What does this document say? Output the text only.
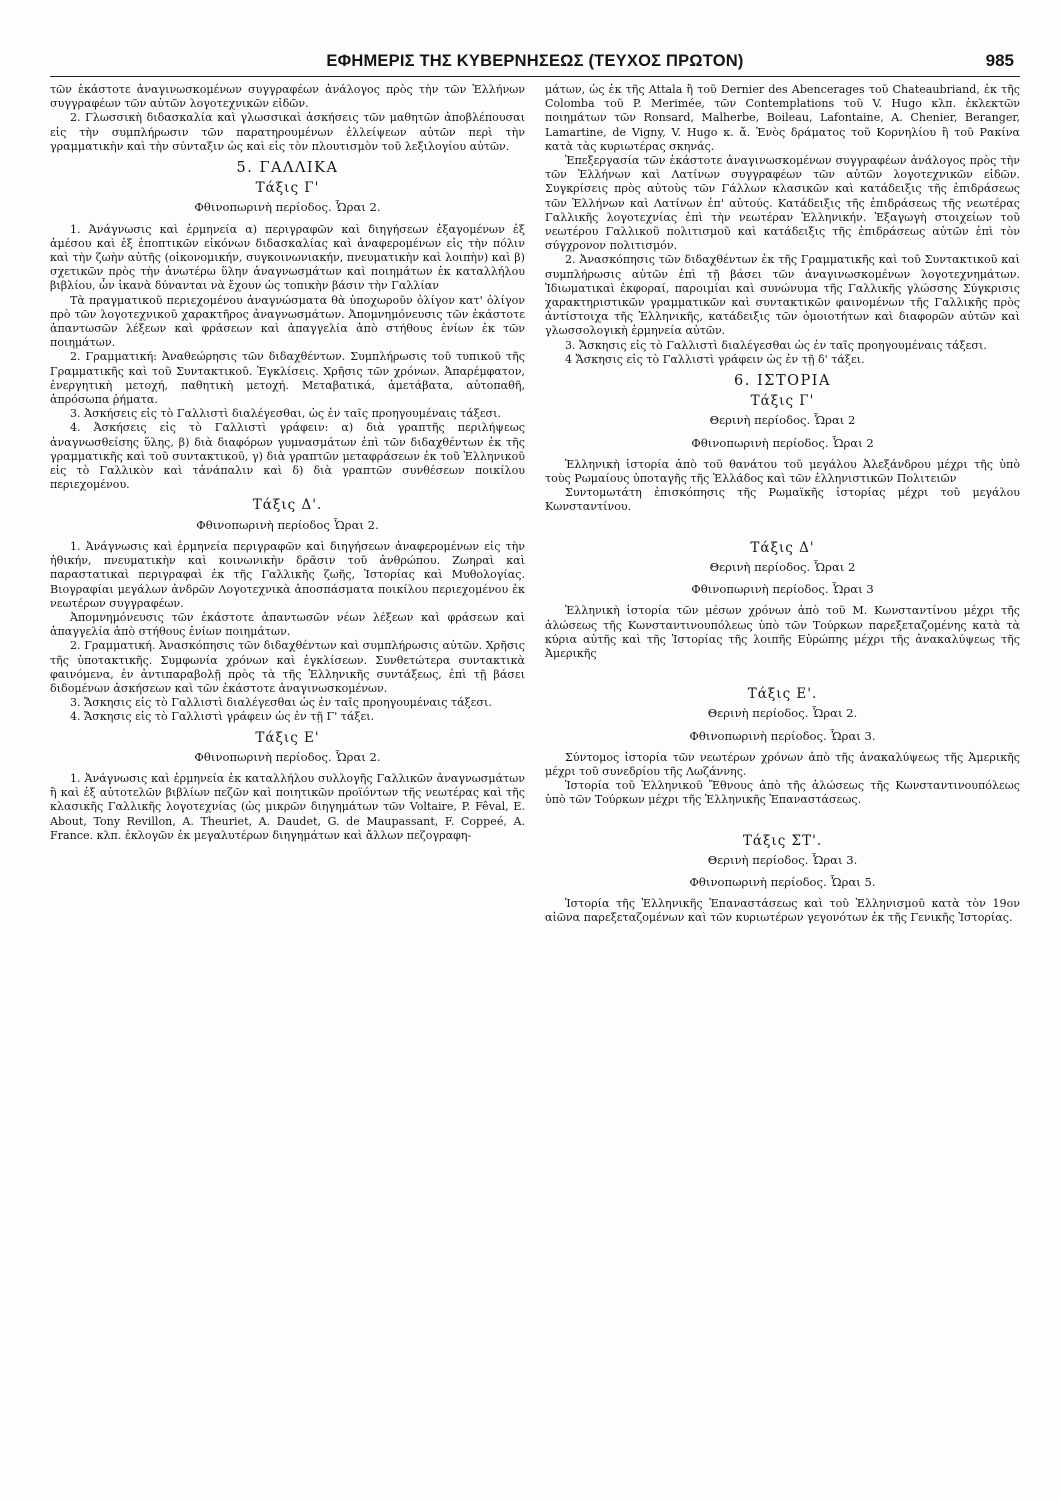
ΕΦΗΜΕΡΙΣ ΤΗΣ ΚΥΒΕΡΝΗΣΕΩΣ (ΤΕΥΧΟΣ ΠΡΩΤΟΝ)	985

τῶν ἑκάστοτε ἀναγινωσκομένων συγγραφέων ἀνάλογος πρὸς τὴν τῶν Ἑλλήνων συγγραφέων τῶν αὐτῶν λογοτεχνικῶν εἰδῶν.

2. Γλωσσικὴ διδασκαλία καὶ γλωσσικαὶ ἀσκήσεις τῶν μαθητῶν ἀποβλέπουσαι εἰς τὴν συμπλήρωσιν τῶν παρατηρουμένων ἐλλείψεων αὐτῶν περὶ τὴν γραμματικὴν καὶ τὴν σύνταξιν ὡς καὶ εἰς τὸν πλουτισμὸν τοῦ λεξιλογίου αὐτῶν.

5. ΓΑΛΛΙΚΑ
Τάξις Γ'
Φθινοπωρινὴ περίοδος. Ὧραι 2.

1. Ἀνάγνωσις καὶ ἑρμηνεία α) περιγραφῶν καὶ διηγήσεων ἐξαγομένων ἐξ ἀμέσου καὶ ἐξ ἐποπτικῶν εἰκόνων διδασκαλίας καὶ ἀναφερομένων εἰς τὴν πόλιν καὶ τὴν ζωὴν αὐτῆς (οἰκονομικήν, συγκοινωνιακήν, πνευματικὴν καὶ λοιπὴν) καὶ β) σχετικῶν πρὸς τὴν ἀνωτέρω ὕλην ἀναγνωσμάτων καὶ ποιημάτων ἐκ καταλλήλου βιβλίου, ὧν ἱκανὰ δύνανται νὰ ἔχουν ὡς τοπικὴν βάσιν τὴν Γαλλίαν

Τὰ πραγματικοῦ περιεχομένου ἀναγνώσματα θὰ ὑποχωροῦν ὀλίγον κατ' ὀλίγον πρὸ τῶν λογοτεχνικοῦ χαρακτῆρος ἀναγνωσμάτων. Ἀπομνημόνευσις τῶν ἑκάστοτε ἀπαντωσῶν λέξεων καὶ φράσεων καὶ ἀπαγγελία ἀπὸ στήθους ἐνίων ἐκ τῶν ποιημάτων.

2. Γραμματική: Ἀναθεώρησις τῶν διδαχθέντων. Συμπλήρωσις τοῦ τυπικοῦ τῆς Γραμματικῆς καὶ τοῦ Συντακτικοῦ. Ἐγκλίσεις. Χρῆσις τῶν χρόνων. Ἀπαρέμφατον, ἐνεργητικὴ μετοχή, παθητικὴ μετοχή. Μεταβατικά, ἀμετάβατα, αὐτοπαθῆ, ἀπρόσωπα ῥήματα.

3. Ἀσκήσεις εἰς τὸ Γαλλιστὶ διαλέγεσθαι, ὡς ἐν ταῖς προηγουμέναις τάξεσι.

4. Ἀσκήσεις εἰς τὸ Γαλλιστὶ γράφειν: α) διὰ γραπτῆς περιλήψεως ἀναγνωσθείσης ὕλης, β) διὰ διαφόρων γυμνασμάτων ἐπὶ τῶν διδαχθέντων ἐκ τῆς γραμματικῆς καὶ τοῦ συντακτικοῦ, γ) διὰ γραπτῶν μεταφράσεων ἐκ τοῦ Ἑλληνικοῦ εἰς τὸ Γαλλικὸν καὶ τἀνάπαλιν καὶ δ) διὰ γραπτῶν συνθέσεων ποικίλου περιεχομένου.

Τάξις Δ'.
Φθινοπωρινὴ περίοδος Ὧραι 2.

1. Ἀνάγνωσις καὶ ἑρμηνεία περιγραφῶν καὶ διηγήσεων ἀναφερομένων εἰς τὴν ἠθικήν, πνευματικὴν καὶ κοινωνικὴν δρᾶσιν τοῦ ἀνθρώπου. Ζωηραὶ καὶ παραστατικαὶ περιγραφαὶ ἐκ τῆς Γαλλικῆς ζωῆς, Ἱστορίας καὶ Μυθολογίας. Βιογραφίαι μεγάλων ἀνδρῶν Λογοτεχνικὰ ἀποσπάσματα ποικίλου περιεχομένου ἐκ νεωτέρων συγγραφέων.

Ἀπομνημόνευσις τῶν ἑκάστοτε ἀπαντωσῶν νέων λέξεων καὶ φράσεων καὶ ἀπαγγελία ἀπὸ στήθους ἐνίων ποιημάτων.

2. Γραμματική. Ἀνασκόπησις τῶν διδαχθέντων καὶ συμπλήρωσις αὐτῶν. Χρῆσις τῆς ὑποτακτικῆς. Συμφωνία χρόνων καὶ ἐγκλίσεων. Συνθετώτερα συντακτικὰ φαινόμενα, ἐν ἀντιπαραβολῇ πρὸς τὰ τῆς Ἑλληνικῆς συντάξεως, ἐπὶ τῇ βάσει διδομένων ἀσκήσεων καὶ τῶν ἑκάστοτε ἀναγινωσκομένων.

3. Ἄσκησις εἰς τὸ Γαλλιστὶ διαλέγεσθαι ὡς ἐν ταῖς προηγουμέναις τάξεσι.

4. Ἄσκησις εἰς τὸ Γαλλιστὶ γράφειν ὡς ἐν τῇ Γ' τάξει.

Τάξις Ε'
Φθινοπωρινὴ περίοδος. Ὧραι 2.

1. Ἀνάγνωσις καὶ ἑρμηνεία ἐκ καταλλήλου συλλογῆς Γαλλικῶν ἀναγνωσμάτων ἢ καὶ ἐξ αὐτοτελῶν βιβλίων πεζῶν καὶ ποιητικῶν προϊόντων τῆς νεωτέρας καὶ τῆς κλασικῆς Γαλλικῆς λογοτεχνίας (ὡς μικρῶν διηγημάτων τῶν Voltaire, P. Fêval, E. About, Tony Revillon, A. Theuriet, A. Daudet, G. de Maupassant, F. Coppeé, A. France. κλπ. ἐκλογῶν ἐκ μεγαλυτέρων διηγημάτων καὶ ἄλλων πεζογραφη-

μάτων, ὡς ἐκ τῆς Attala ἢ τοῦ Dernier des Abencerages τοῦ Chateaubriand, ἐκ τῆς Colomba τοῦ P. Merimée, τῶν Contemplations τοῦ V. Hugo κλπ. ἐκλεκτῶν ποιημάτων τῶν Ronsard, Malherbe, Boileau, Lafontaine, A. Chenier, Beranger, Lamartine, de Vigny, V. Hugo κ. ἄ. Ἑνὸς δράματος τοῦ Κορνηλίου ἢ τοῦ Ρακίνα κατὰ τὰς κυριωτέρας σκηνάς.

Ἐπεξεργασία τῶν ἑκάστοτε ἀναγινωσκομένων συγγραφέων ἀνάλογος πρὸς τὴν τῶν Ἑλλήνων καὶ Λατίνων συγγραφέων τῶν αὐτῶν λογοτεχνικῶν εἰδῶν. Συγκρίσεις πρὸς αὐτοὺς τῶν Γάλλων κλασικῶν καὶ κατάδειξις τῆς ἐπιδράσεως τῶν Ἑλλήνων καὶ Λατίνων ἐπ' αὐτούς. Κατάδειξις τῆς ἐπιδράσεως τῆς νεωτέρας Γαλλικῆς λογοτεχνίας ἐπὶ τὴν νεωτέραν Ἑλληνικήν. Ἐξαγωγὴ στοιχείων τοῦ νεωτέρου Γαλλικοῦ πολιτισμοῦ καὶ κατάδειξις τῆς ἐπιδράσεως αὐτῶν ἐπὶ τὸν σύγχρονον πολιτισμόν.

2. Ἀνασκόπησις τῶν διδαχθέντων ἐκ τῆς Γραμματικῆς καὶ τοῦ Συντακτικοῦ καὶ συμπλήρωσις αὐτῶν ἐπὶ τῇ βάσει τῶν ἀναγινωσκομένων λογοτεχνημάτων. Ἰδιωματικαὶ ἐκφοραί, παροιμίαι καὶ συνώνυμα τῆς Γαλλικῆς γλώσσης Σύγκρισις χαρακτηριστικῶν γραμματικῶν καὶ συντακτικῶν φαινομένων τῆς Γαλλικῆς πρὸς ἀντίστοιχα τῆς Ἑλληνικῆς, κατάδειξις τῶν ὁμοιοτήτων καὶ διαφορῶν αὐτῶν καὶ γλωσσολογικὴ ἑρμηνεία αὐτῶν.

3. Ἄσκησις εἰς τὸ Γαλλιστὶ διαλέγεσθαι ὡς ἐν ταῖς προηγουμέναις τάξεσι.

4 Ἄσκησις εἰς τὸ Γαλλιστὶ γράφειν ὡς ἐν τῇ δ' τάξει.

6. ΙΣΤΟΡΙΑ
Τάξις Γ'
Θερινὴ περίοδος. Ὧραι 2
Φθινοπωρινὴ περίοδος. Ὧραι 2

Ἑλληνικὴ ἱστορία ἀπὸ τοῦ θανάτου τοῦ μεγάλου Ἀλεξάνδρου μέχρι τῆς ὑπὸ τοὺς Ρωμαίους ὑποταγῆς τῆς Ἑλλάδος καὶ τῶν ἑλληνιστικῶν Πολιτειῶν

Συντομωτάτη ἐπισκόπησις τῆς Ρωμαϊκῆς ἱστορίας μέχρι τοῦ μεγάλου Κωνσταντίνου.

Τάξις Δ'
Θερινὴ περίοδος. Ὧραι 2
Φθινοπωρινὴ περίοδος. Ὧραι 3

Ἑλληνικὴ ἱστορία τῶν μέσων χρόνων ἀπὸ τοῦ Μ. Κωνσταντίνου μέχρι τῆς ἁλώσεως τῆς Κωνσταντινουπόλεως ὑπὸ τῶν Τούρκων παρεξεταζομένης κατὰ τὰ κύρια αὐτῆς καὶ τῆς Ἱστορίας τῆς λοιπῆς Εὐρώπης μέχρι τῆς ἀνακαλύψεως τῆς Ἀμερικῆς

Τάξις Ε'.
Θερινὴ περίοδος. Ὧραι 2.
Φθινοπωρινὴ περίοδος. Ὧραι 3.

Σύντομος ἱστορία τῶν νεωτέρων χρόνων ἀπὸ τῆς ἀνακαλύψεως τῆς Ἀμερικῆς μέχρι τοῦ συνεδρίου τῆς Λωζάννης.

Ἱστορία τοῦ Ἑλληνικοῦ Ἔθνους ἀπὸ τῆς ἁλώσεως τῆς Κωνσταντινουπόλεως ὑπὸ τῶν Τούρκων μέχρι τῆς Ἑλληνικῆς Ἐπαναστάσεως.

Τάξις ΣΤ'.
Θερινὴ περίοδος. Ὧραι 3.
Φθινοπωρινὴ περίοδος. Ὧραι 5.

Ἱστορία τῆς Ἑλληνικῆς Ἐπαναστάσεως καὶ τοῦ Ἑλληνισμοῦ κατὰ τὸν 19ον αἰῶνα παρεξεταζομένων καὶ τῶν κυριωτέρων γεγονότων ἐκ τῆς Γενικῆς Ἱστορίας.
